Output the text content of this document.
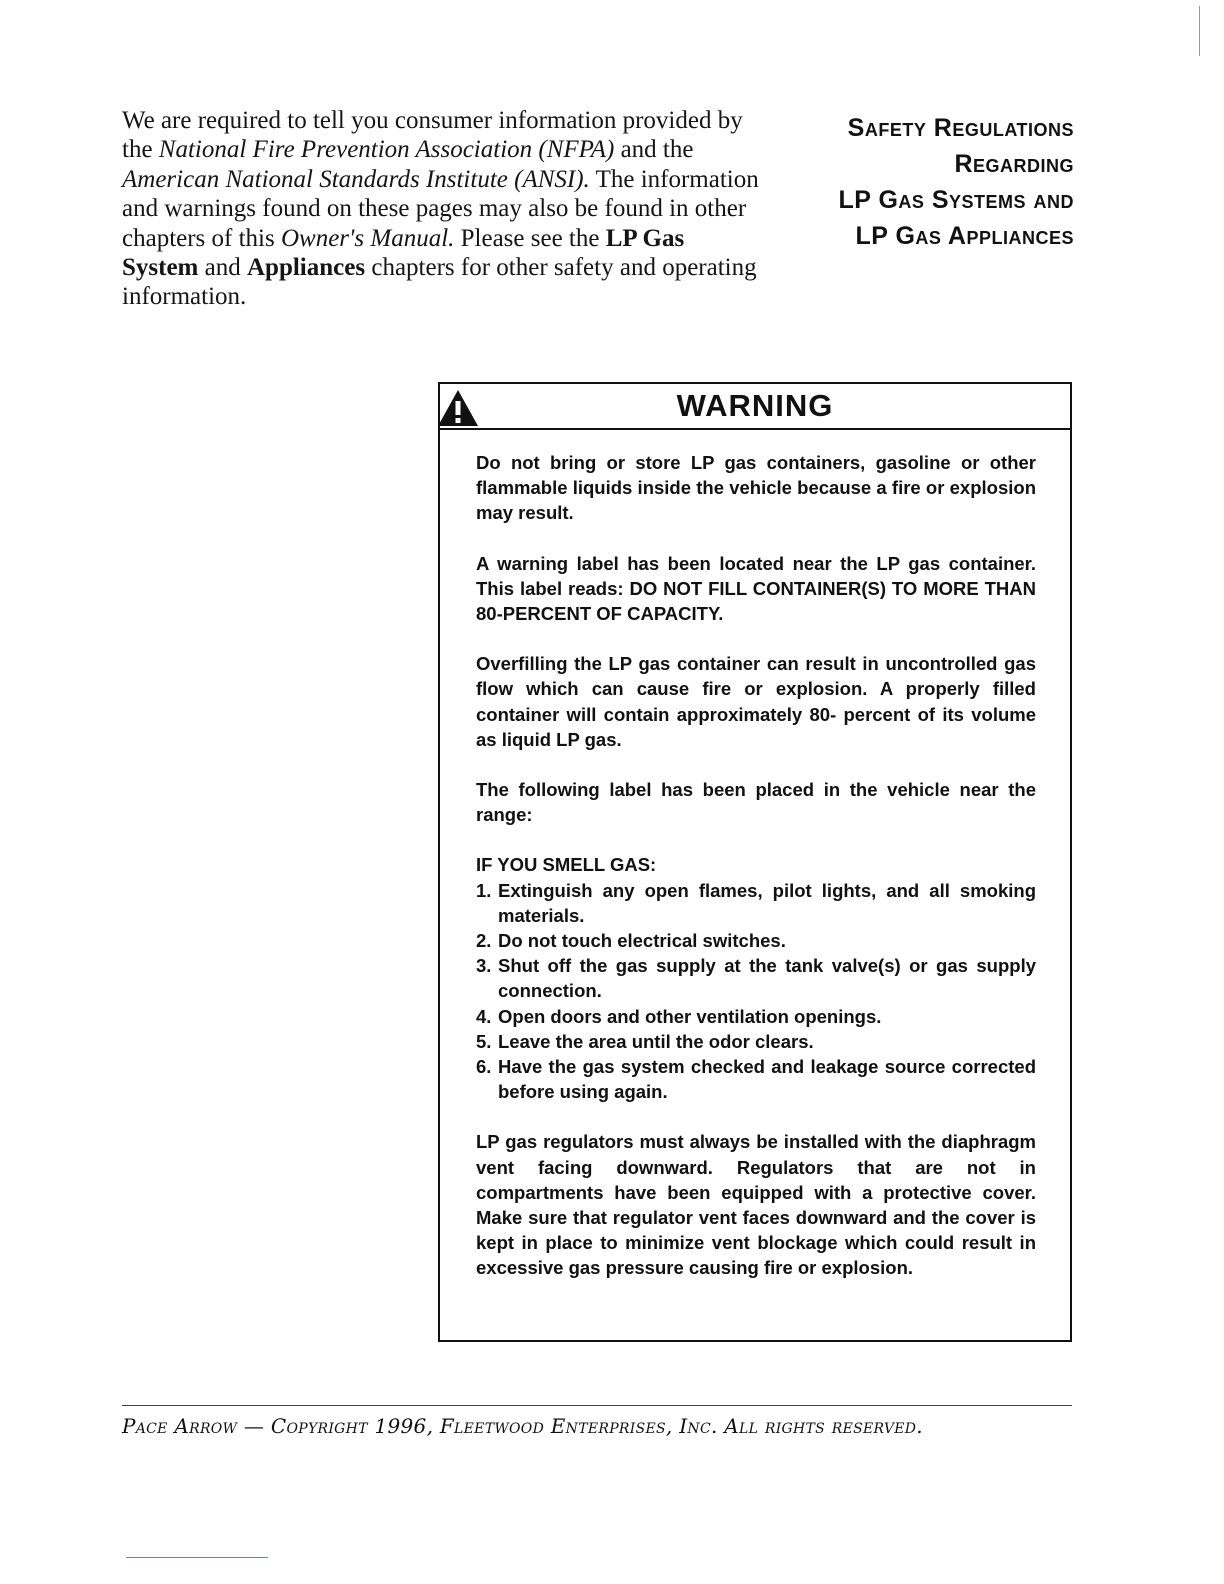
We are required to tell you consumer information provided by the National Fire Prevention Association (NFPA) and the American National Standards Institute (ANSI). The information and warnings found on these pages may also be found in other chapters of this Owner's Manual. Please see the LP Gas System and Appliances chapters for other safety and operating information.
Safety Regulations
Regarding
LP Gas Systems and
LP Gas Appliances
WARNING

Do not bring or store LP gas containers, gasoline or other flammable liquids inside the vehicle because a fire or explosion may result.

A warning label has been located near the LP gas container. This label reads: DO NOT FILL CONTAINER(S) TO MORE THAN 80-PERCENT OF CAPACITY.

Overfilling the LP gas container can result in uncontrolled gas flow which can cause fire or explosion. A properly filled container will contain approximately 80- percent of its volume as liquid LP gas.

The following label has been placed in the vehicle near the range:

IF YOU SMELL GAS:

1. Extinguish any open flames, pilot lights, and all smoking materials.
2. Do not touch electrical switches.
3. Shut off the gas supply at the tank valve(s) or gas supply connection.
4. Open doors and other ventilation openings.
5. Leave the area until the odor clears.
6. Have the gas system checked and leakage source corrected before using again.

LP gas regulators must always be installed with the diaphragm vent facing downward. Regulators that are not in compartments have been equipped with a protective cover. Make sure that regulator vent faces downward and the cover is kept in place to minimize vent blockage which could result in excessive gas pressure causing fire or explosion.

Pace Arrow — Copyright 1996, Fleetwood Enterprises, Inc. All rights reserved.
